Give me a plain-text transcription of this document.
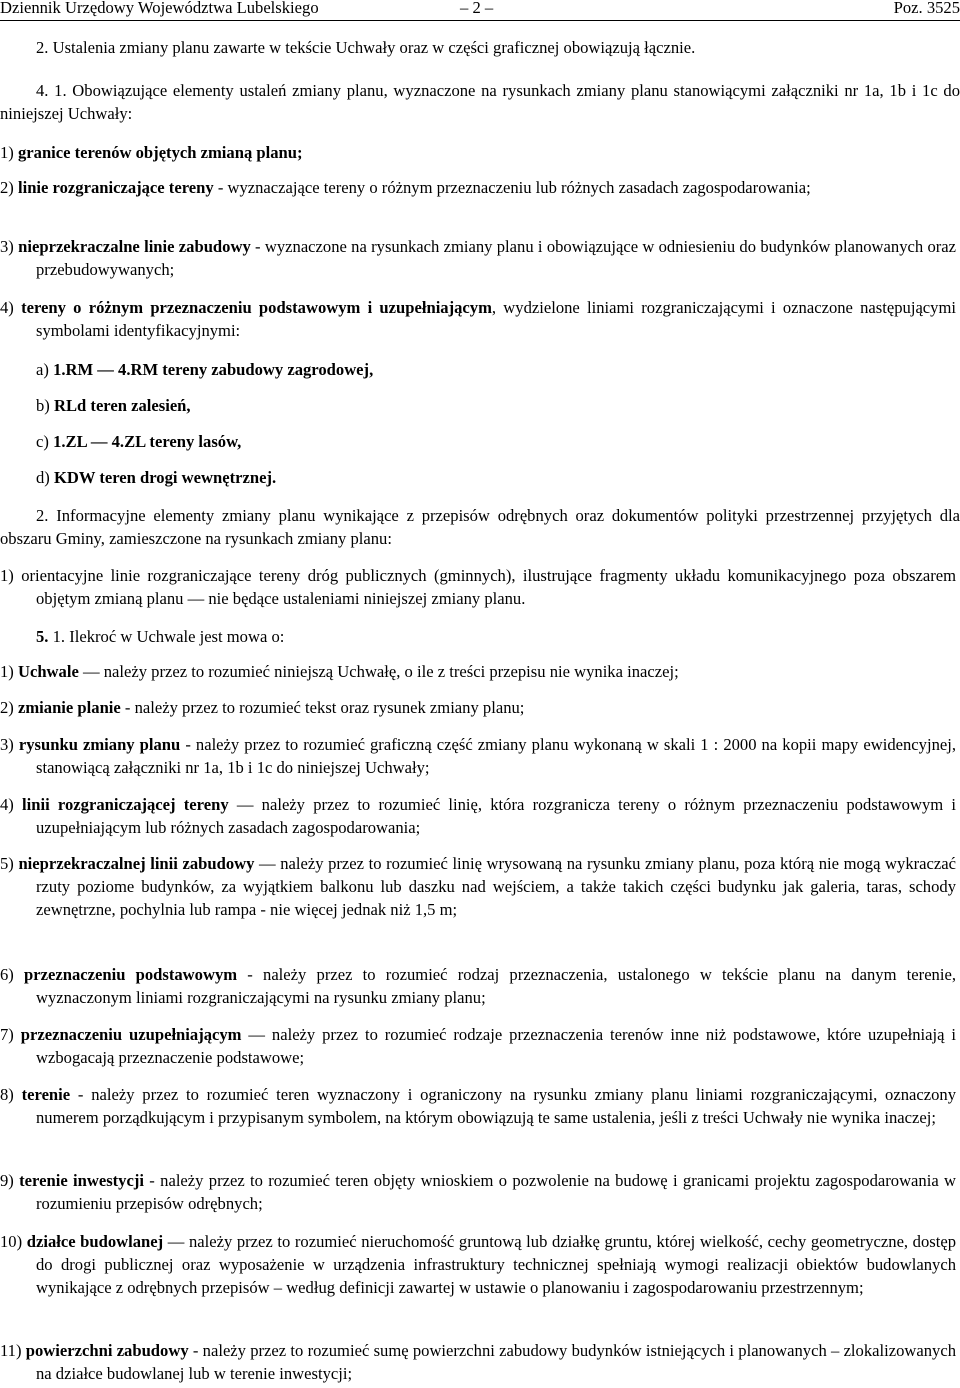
Dziennik Urzędowy Województwa Lubelskiego	– 2 –	Poz. 3525

2. Ustalenia zmiany planu zawarte w tekście Uchwały oraz w części graficznej obowiązują łącznie.

4. 1. Obowiązujące elementy ustaleń zmiany planu, wyznaczone na rysunkach zmiany planu stanowiącymi załączniki nr 1a, 1b i 1c do niniejszej Uchwały:

1) granice terenów objętych zmianą planu;

2) linie rozgraniczające tereny - wyznaczające tereny o różnym przeznaczeniu lub różnych zasadach zagospodarowania;

3) nieprzekraczalne linie zabudowy - wyznaczone na rysunkach zmiany planu i obowiązujące w odniesieniu do budynków planowanych oraz przebudowywanych;

4) tereny o różnym przeznaczeniu podstawowym i uzupełniającym, wydzielone liniami rozgraniczającymi i oznaczone następującymi symbolami identyfikacyjnymi:

a) 1.RM — 4.RM tereny zabudowy zagrodowej,

b) RLd teren zalesień,

c) 1.ZL — 4.ZL tereny lasów,

d) KDW teren drogi wewnętrznej.

2. Informacyjne elementy zmiany planu wynikające z przepisów odrębnych oraz dokumentów polityki przestrzennej przyjętych dla obszaru Gminy, zamieszczone na rysunkach zmiany planu:

1) orientacyjne linie rozgraniczające tereny dróg publicznych (gminnych), ilustrujące fragmenty układu komunikacyjnego poza obszarem objętym zmianą planu — nie będące ustaleniami niniejszej zmiany planu.

5. 1. Ilekroć w Uchwale jest mowa o:

1) Uchwale — należy przez to rozumieć niniejszą Uchwałę, o ile z treści przepisu nie wynika inaczej;

2) zmianie planie - należy przez to rozumieć tekst oraz rysunek zmiany planu;

3) rysunku zmiany planu - należy przez to rozumieć graficzną część zmiany planu wykonaną w skali 1 : 2000 na kopii mapy ewidencyjnej, stanowiącą załączniki nr 1a, 1b i 1c do niniejszej Uchwały;

4) linii rozgraniczającej tereny — należy przez to rozumieć linię, która rozgranicza tereny o różnym przeznaczeniu podstawowym i uzupełniającym lub różnych zasadach zagospodarowania;

5) nieprzekraczalnej linii zabudowy — należy przez to rozumieć linię wrysowaną na rysunku zmiany planu, poza którą nie mogą wykraczać rzuty poziome budynków, za wyjątkiem balkonu lub daszku nad wejściem, a także takich części budynku jak galeria, taras, schody zewnętrzne, pochylnia lub rampa - nie więcej jednak niż 1,5 m;

6) przeznaczeniu podstawowym - należy przez to rozumieć rodzaj przeznaczenia, ustalonego w tekście planu na danym terenie, wyznaczonym liniami rozgraniczającymi na rysunku zmiany planu;

7) przeznaczeniu uzupełniającym — należy przez to rozumieć rodzaje przeznaczenia terenów inne niż podstawowe, które uzupełniają i wzbogacają przeznaczenie podstawowe;

8) terenie - należy przez to rozumieć teren wyznaczony i ograniczony na rysunku zmiany planu liniami rozgraniczającymi, oznaczony numerem porządkującym i przypisanym symbolem, na którym obowiązują te same ustalenia, jeśli z treści Uchwały nie wynika inaczej;

9) terenie inwestycji - należy przez to rozumieć teren objęty wnioskiem o pozwolenie na budowę i granicami projektu zagospodarowania w rozumieniu przepisów odrębnych;

10) działce budowlanej — należy przez to rozumieć nieruchomość gruntową lub działkę gruntu, której wielkość, cechy geometryczne, dostęp do drogi publicznej oraz wyposażenie w urządzenia infrastruktury technicznej spełniają wymogi realizacji obiektów budowlanych wynikające z odrębnych przepisów – według definicji zawartej w ustawie o planowaniu i zagospodarowaniu przestrzennym;

11) powierzchni zabudowy - należy przez to rozumieć sumę powierzchni zabudowy budynków istniejących i planowanych – zlokalizowanych na działce budowlanej lub w terenie inwestycji;
